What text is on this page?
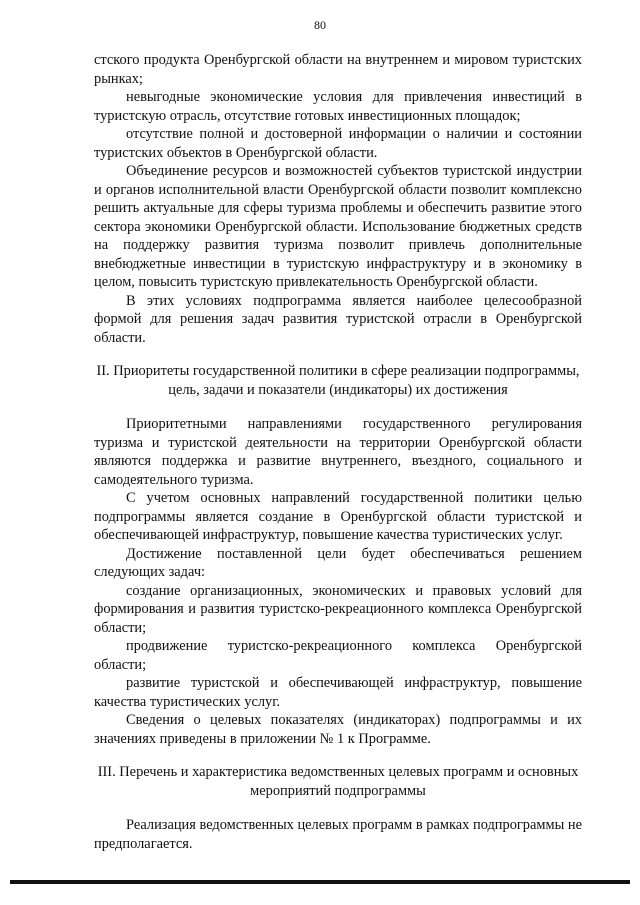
80

стского продукта Оренбургской области на внутреннем и мировом туристских рынках;

невыгодные экономические условия для привлечения инвестиций в туристскую отрасль, отсутствие готовых инвестиционных площадок;

отсутствие полной и достоверной информации о наличии и состоянии туристских объектов в Оренбургской области.

Объединение ресурсов и возможностей субъектов туристской индустрии и органов исполнительной власти Оренбургской области позволит комплексно решить актуальные для сферы туризма проблемы и обеспечить развитие этого сектора экономики Оренбургской области. Использование бюджетных средств на поддержку развития туризма позволит привлечь дополнительные внебюджетные инвестиции в туристскую инфраструктуру и в экономику в целом, повысить туристскую привлекательность Оренбургской области.

В этих условиях подпрограмма является наиболее целесообразной формой для решения задач развития туристской отрасли в Оренбургской области.

II. Приоритеты государственной политики в сфере реализации подпрограммы, цель, задачи и показатели (индикаторы) их достижения

Приоритетными направлениями государственного регулирования туризма и туристской деятельности на территории Оренбургской области являются поддержка и развитие внутреннего, въездного, социального и самодеятельного туризма.

С учетом основных направлений государственной политики целью подпрограммы является создание в Оренбургской области туристской и обеспечивающей инфраструктур, повышение качества туристических услуг.

Достижение поставленной цели будет обеспечиваться решением следующих задач:

создание организационных, экономических и правовых условий для формирования и развития туристско-рекреационного комплекса Оренбургской области;

продвижение туристско-рекреационного комплекса Оренбургской области;

развитие туристской и обеспечивающей инфраструктур, повышение качества туристических услуг.

Сведения о целевых показателях (индикаторах) подпрограммы и их значениях приведены в приложении № 1 к Программе.

III. Перечень и характеристика ведомственных целевых программ и основных мероприятий подпрограммы

Реализация ведомственных целевых программ в рамках подпрограммы не предполагается.
